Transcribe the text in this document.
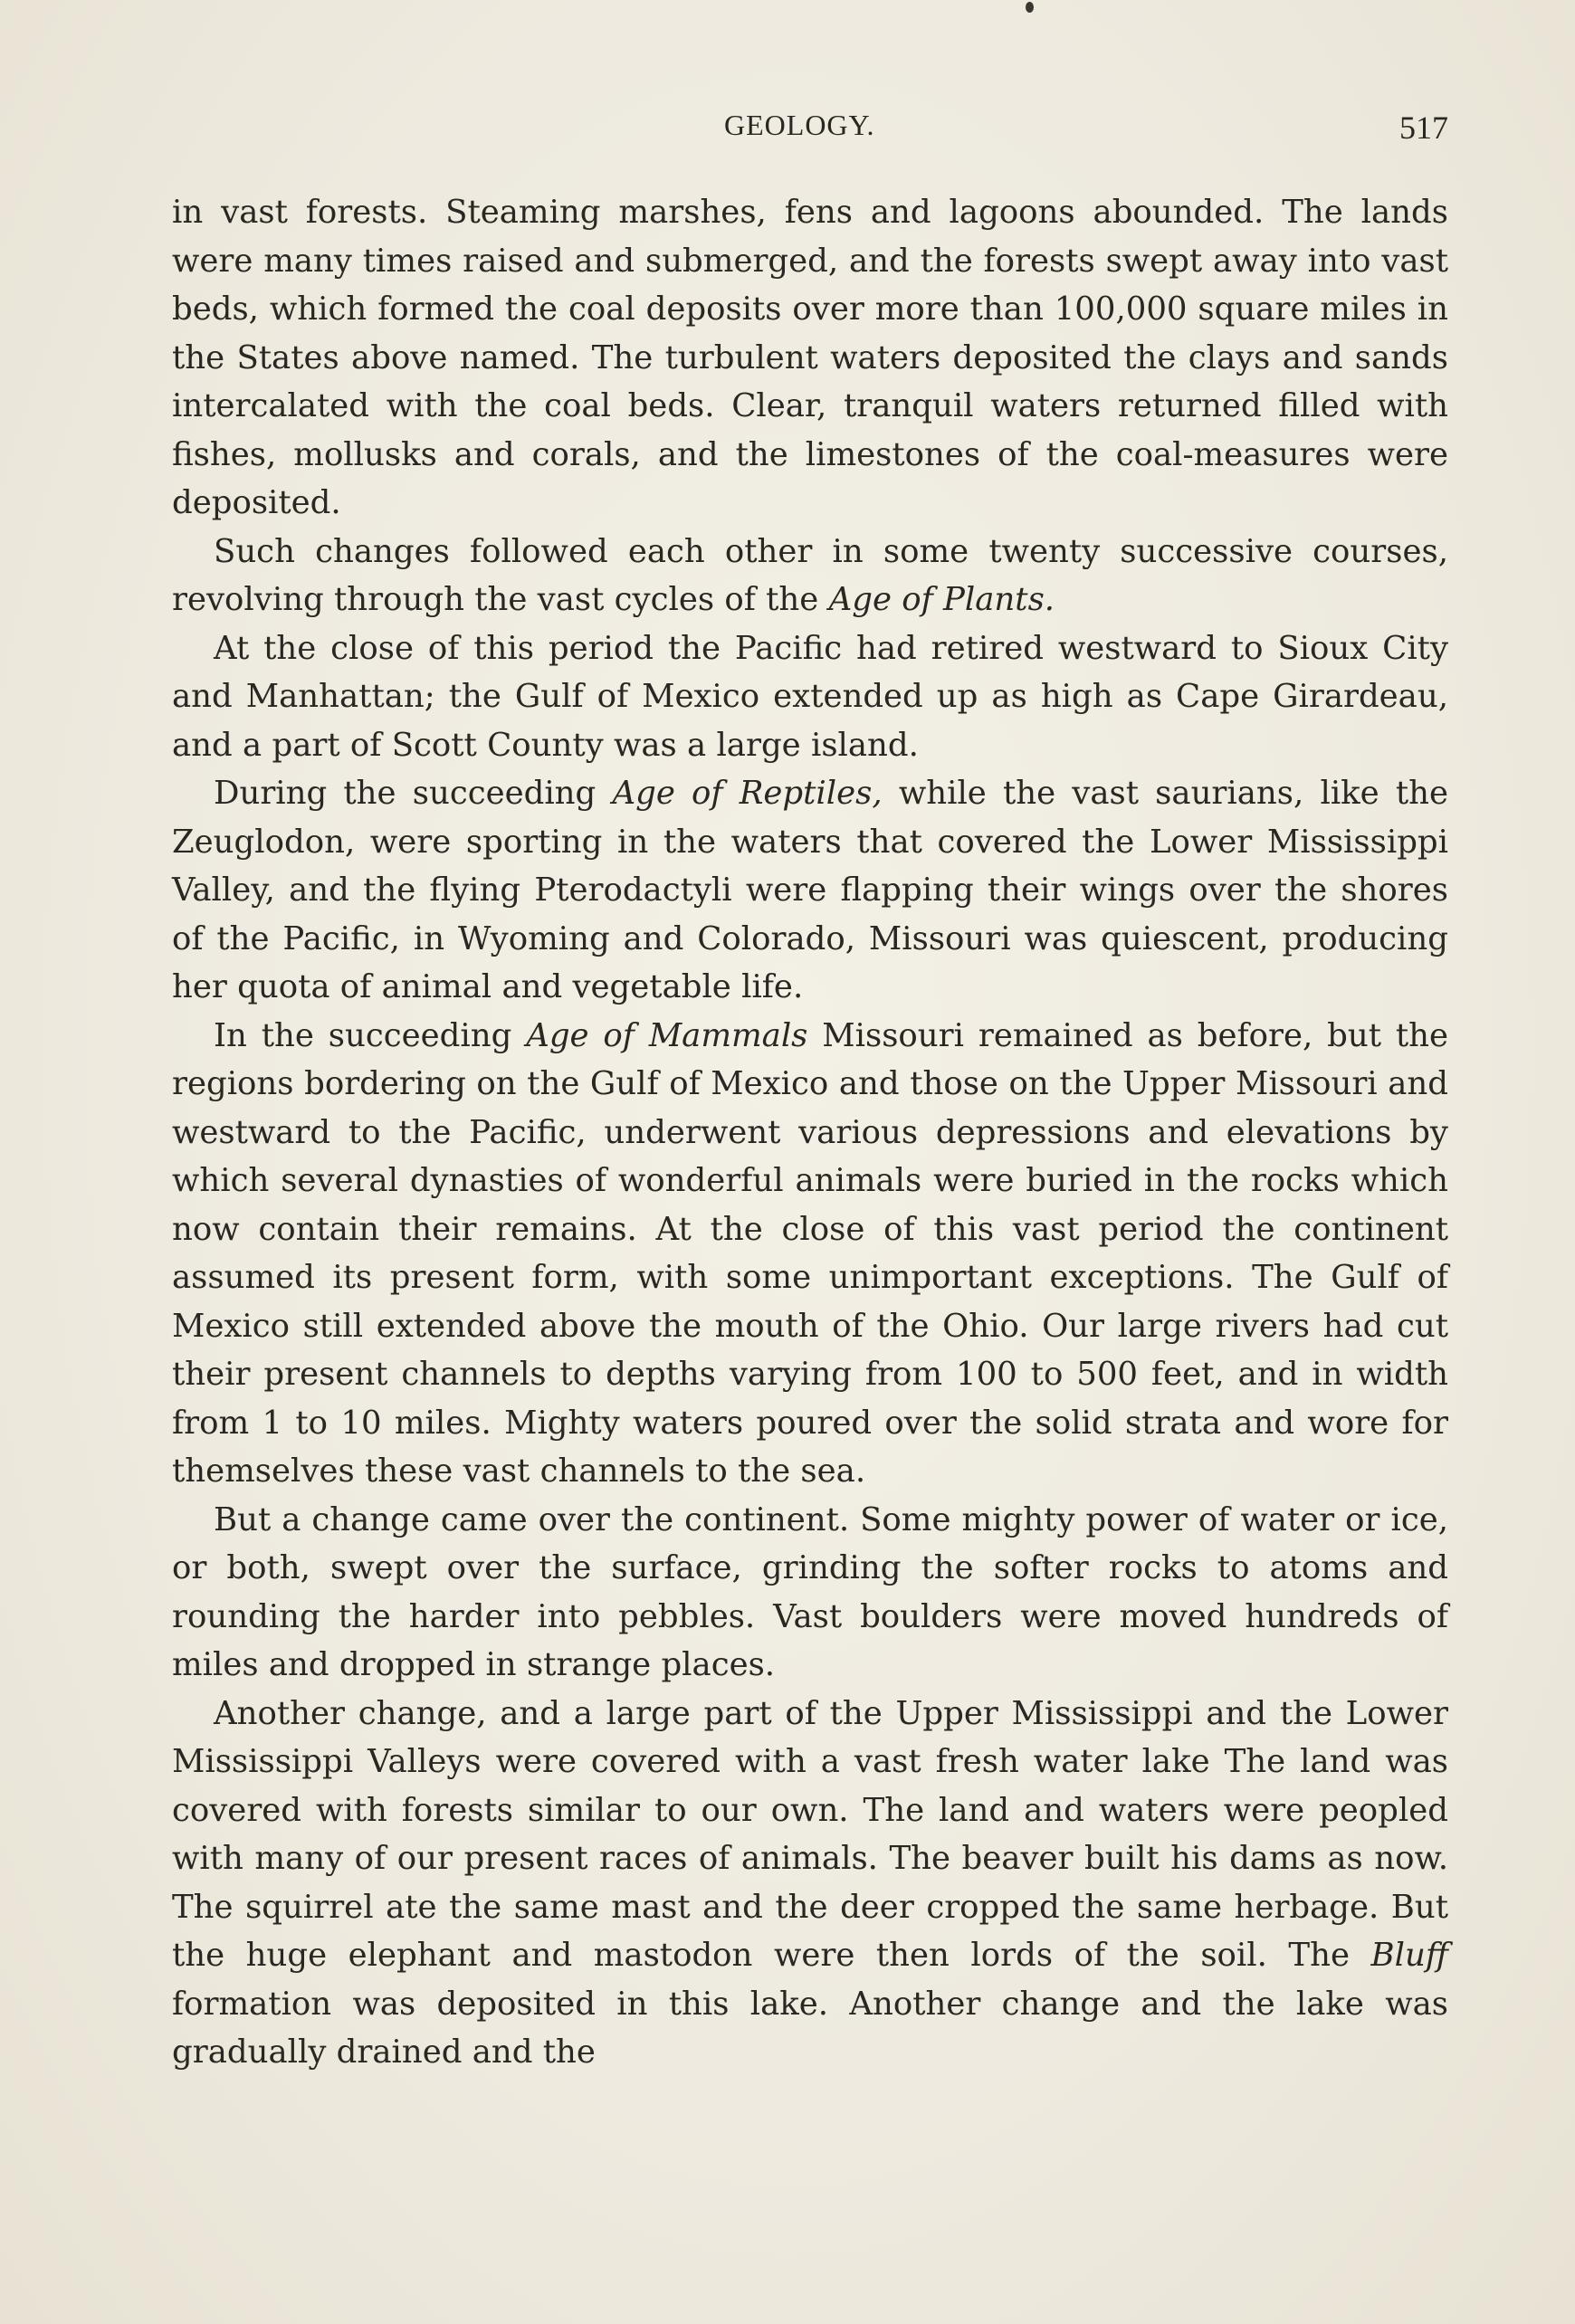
GEOLOGY.	517

in vast forests. Steaming marshes, fens and lagoons abounded. The lands were many times raised and submerged, and the forests swept away into vast beds, which formed the coal deposits over more than 100,000 square miles in the States above named. The turbulent waters deposited the clays and sands intercalated with the coal beds. Clear, tranquil waters returned filled with fishes, mollusks and corals, and the limestones of the coal-measures were deposited.

Such changes followed each other in some twenty successive courses, revolving through the vast cycles of the Age of Plants.

At the close of this period the Pacific had retired westward to Sioux City and Manhattan; the Gulf of Mexico extended up as high as Cape Girardeau, and a part of Scott County was a large island.

During the succeeding Age of Reptiles, while the vast saurians, like the Zeuglodon, were sporting in the waters that covered the Lower Mississippi Valley, and the flying Pterodactyli were flapping their wings over the shores of the Pacific, in Wyoming and Colorado, Missouri was quiescent, producing her quota of animal and vegetable life.

In the succeeding Age of Mammals Missouri remained as before, but the regions bordering on the Gulf of Mexico and those on the Upper Missouri and westward to the Pacific, underwent various depressions and elevations by which several dynasties of wonderful animals were buried in the rocks which now contain their remains. At the close of this vast period the continent assumed its present form, with some unimportant exceptions. The Gulf of Mexico still extended above the mouth of the Ohio. Our large rivers had cut their present channels to depths varying from 100 to 500 feet, and in width from 1 to 10 miles. Mighty waters poured over the solid strata and wore for themselves these vast channels to the sea.

But a change came over the continent. Some mighty power of water or ice, or both, swept over the surface, grinding the softer rocks to atoms and rounding the harder into pebbles. Vast boulders were moved hundreds of miles and dropped in strange places.

Another change, and a large part of the Upper Mississippi and the Lower Mississippi Valleys were covered with a vast fresh water lake The land was covered with forests similar to our own. The land and waters were peopled with many of our present races of animals. The beaver built his dams as now. The squirrel ate the same mast and the deer cropped the same herbage. But the huge elephant and mastodon were then lords of the soil. The Bluff formation was deposited in this lake. Another change and the lake was gradually drained and the
